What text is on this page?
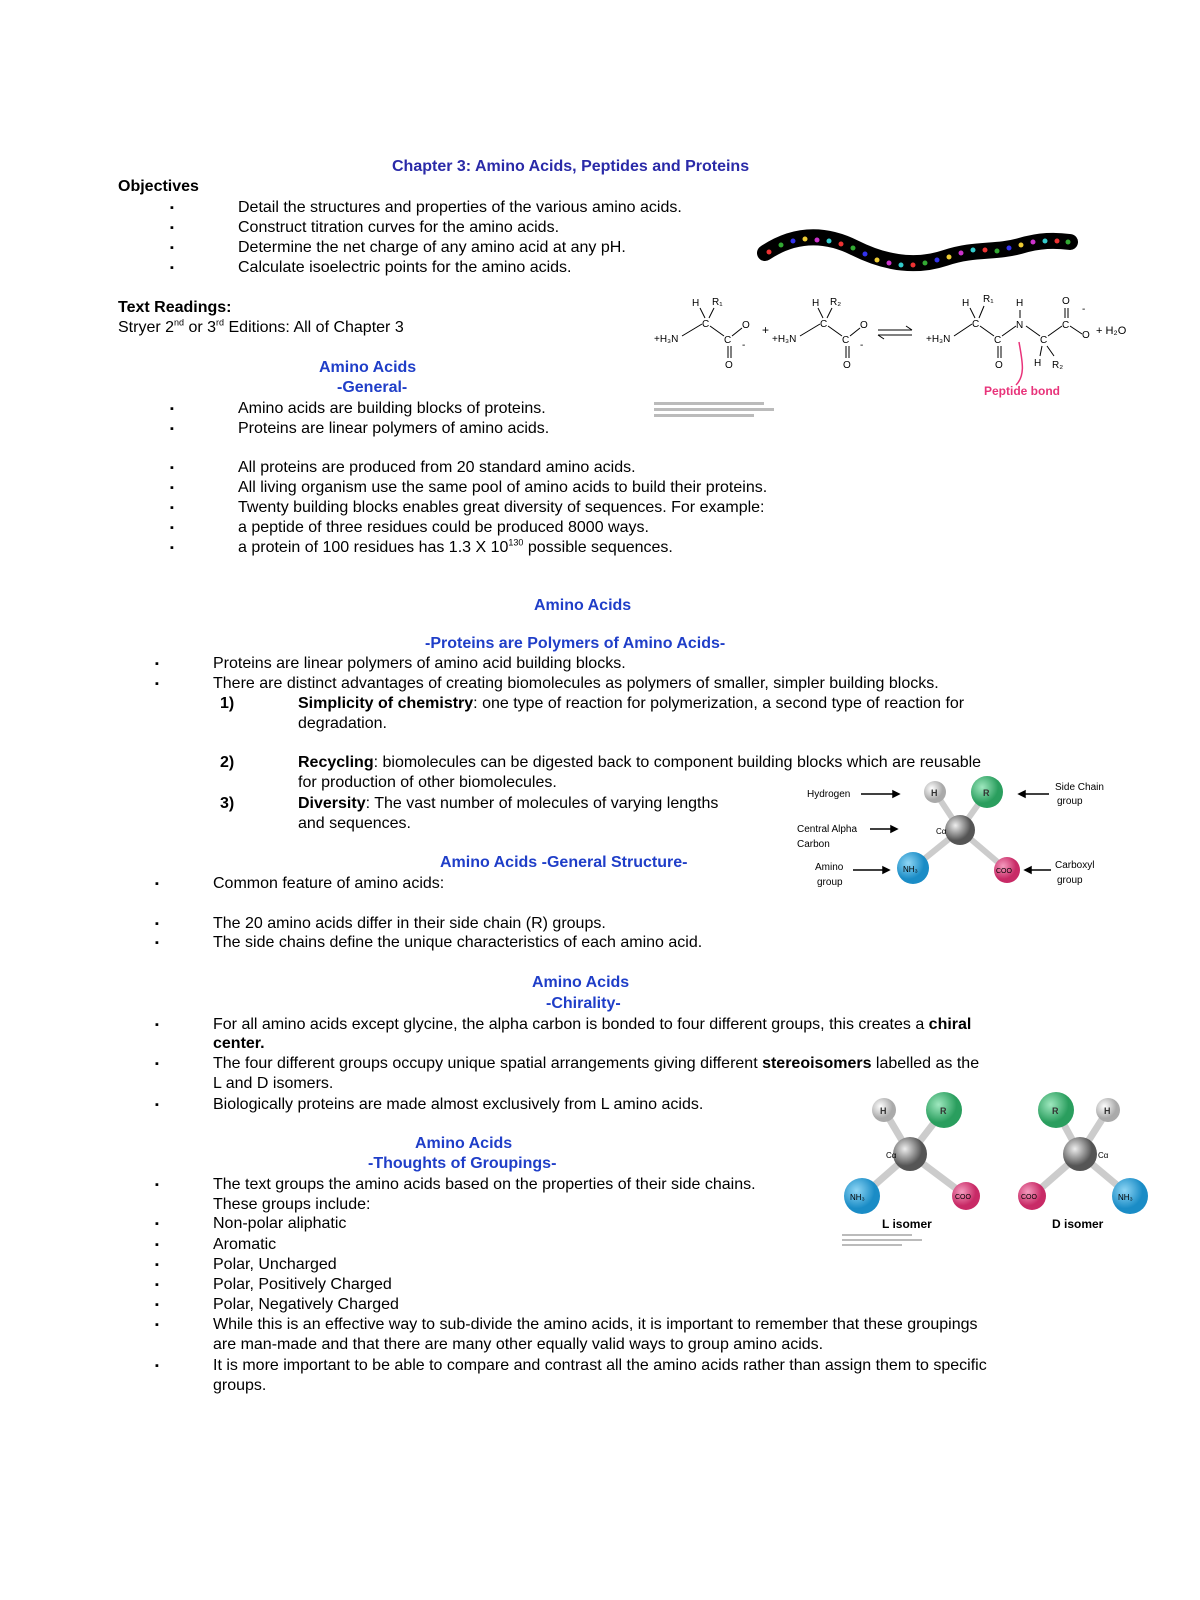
Chapter 3: Amino Acids, Peptides and Proteins
Objectives
▪	Detail the structures and properties of the various amino acids.
▪	Construct titration curves for the amino acids.
▪	Determine the net charge of any amino acid at any pH.
▪	Calculate isoelectric points for the amino acids.
Text Readings:
Stryer 2nd or 3rd Editions: All of Chapter 3
Amino Acids
-General-
▪	Amino acids are building blocks of proteins.
▪	Proteins are linear polymers of amino acids.
▪	All proteins are produced from 20 standard amino acids.
▪	All living organism use the same pool of amino acids to build their proteins.
▪	Twenty building blocks enables great diversity of sequences. For example:
▪	a peptide of three residues could be produced 8000 ways.
▪	a protein of 100 residues has 1.3 X $10^{130}$ possible sequences.
Amino Acids
-Proteins are Polymers of Amino Acids-
▪	Proteins are linear polymers of amino acid building blocks.
▪	There are distinct advantages of creating biomolecules as polymers of smaller, simpler building blocks.
1)	Simplicity of chemistry: one type of reaction for polymerization, a second type of reaction for
degradation.
2)	Recycling: biomolecules can be digested back to component building blocks which are reusable
for production of other biomolecules.
3)	Diversity: The vast number of molecules of varying lengths
and sequences.
Amino Acids -General Structure-
▪	Common feature of amino acids:
▪	The 20 amino acids differ in their side chain (R) groups.
▪	The side chains define the unique characteristics of each amino acid.
Amino Acids
-Chirality-
▪	For all amino acids except glycine, the alpha carbon is bonded to four different groups, this creates a chiral
center.
▪	The four different groups occupy unique spatial arrangements giving different stereoisomers labelled as the
L and D isomers.
▪	Biologically proteins are made almost exclusively from L amino acids.
Amino Acids
-Thoughts of Groupings-
▪	The text groups the amino acids based on the properties of their side chains.
These groups include:
▪	Non-polar aliphatic
▪	Aromatic
▪	Polar, Uncharged
▪	Polar, Positively Charged
▪	Polar, Negatively Charged
▪	While this is an effective way to sub-divide the amino acids, it is important to remember that these groupings
are man-made and that there are many other equally valid ways to group amino acids.
▪	It is more important to be able to compare and contrast all the amino acids rather than assign them to specific
groups.
+H₃N
C
H R₁
C
O
O
-
+
+H₃N
C
H R₂
C
O
O
-
+H₃N
C
H R₁
C
O
N
H
C
H R₂
C
O
-
O + H₂O
Peptide bond
H	R
Cα
NH₃	COO
Hydrogen
Side Chain
group
Central Alpha
Carbon
Amino
group
Carboxyl
group
H	R
Cα
NH₃	COO
L isomer
R	H
Cα
COO	NH₃
D isomer
